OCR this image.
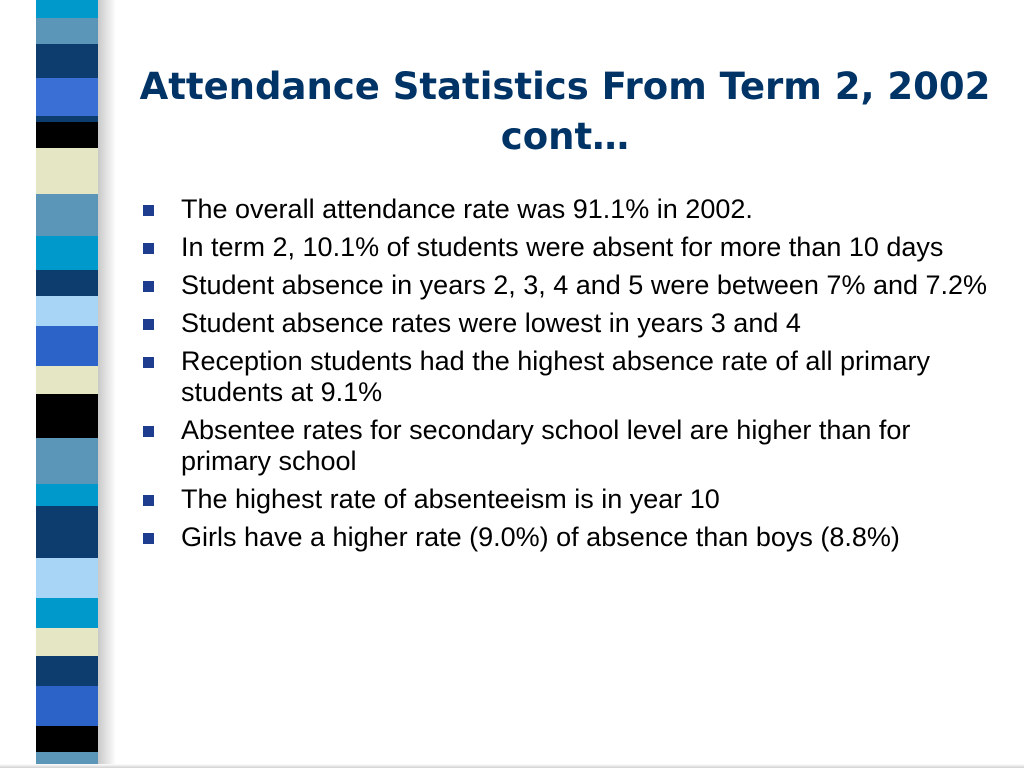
Attendance Statistics From Term 2, 2002 cont…
The overall attendance rate was 91.1% in 2002.
In term 2, 10.1% of students were absent for more than 10 days
Student absence in years 2, 3, 4 and 5 were between 7% and 7.2%
Student absence rates were lowest in years 3 and 4
Reception students had the highest absence rate of all primary students at 9.1%
Absentee rates for secondary school level are higher than for primary school
The highest rate of absenteeism is in year 10
Girls have a higher rate (9.0%) of absence than boys (8.8%)
